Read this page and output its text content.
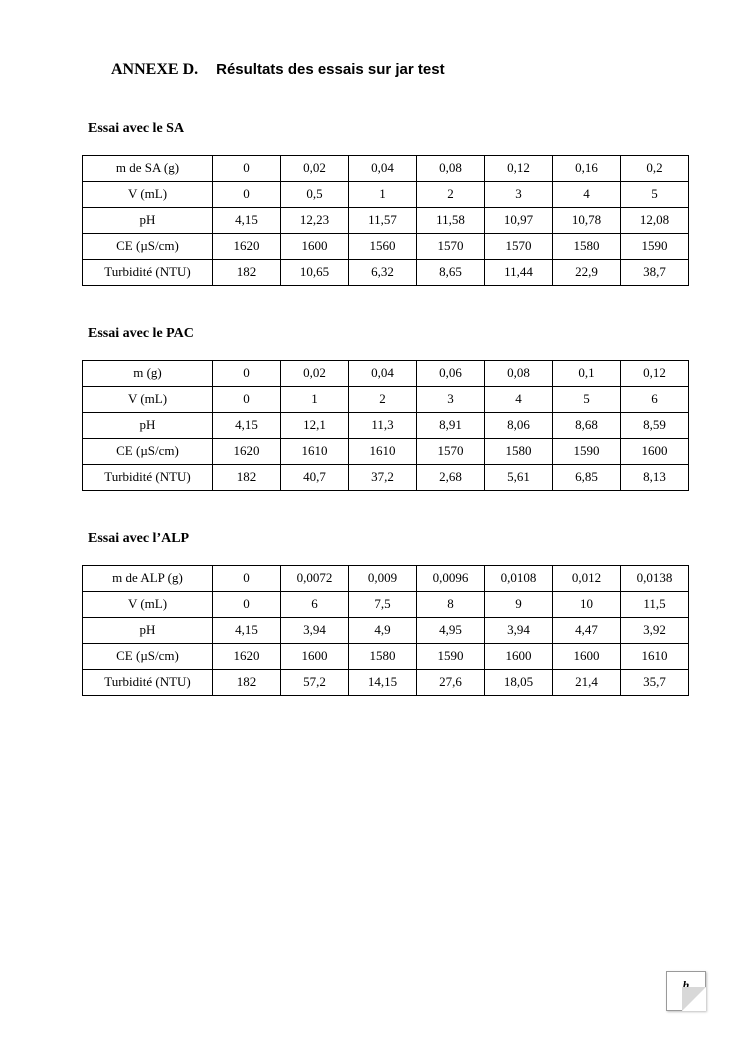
ANNEXE D. Résultats des essais sur jar test
Essai avec le SA
m de SA (g)	0	0,02	0,04	0,08	0,12	0,16	0,2
V (mL)	0	0,5	1	2	3	4	5
pH	4,15	12,23	11,57	11,58	10,97	10,78	12,08
CE (µS/cm)	1620	1600	1560	1570	1570	1580	1590
Turbidité (NTU)	182	10,65	6,32	8,65	11,44	22,9	38,7
Essai avec le PAC
m (g)	0	0,02	0,04	0,06	0,08	0,1	0,12
V (mL)	0	1	2	3	4	5	6
pH	4,15	12,1	11,3	8,91	8,06	8,68	8,59
CE (µS/cm)	1620	1610	1610	1570	1580	1590	1600
Turbidité (NTU)	182	40,7	37,2	2,68	5,61	6,85	8,13
Essai avec l’ALP
m de ALP (g)	0	0,0072	0,009	0,0096	0,0108	0,012	0,0138
V (mL)	0	6	7,5	8	9	10	11,5
pH	4,15	3,94	4,9	4,95	3,94	4,47	3,92
CE (µS/cm)	1620	1600	1580	1590	1600	1600	1610
Turbidité (NTU)	182	57,2	14,15	27,6	18,05	21,4	35,7
h
